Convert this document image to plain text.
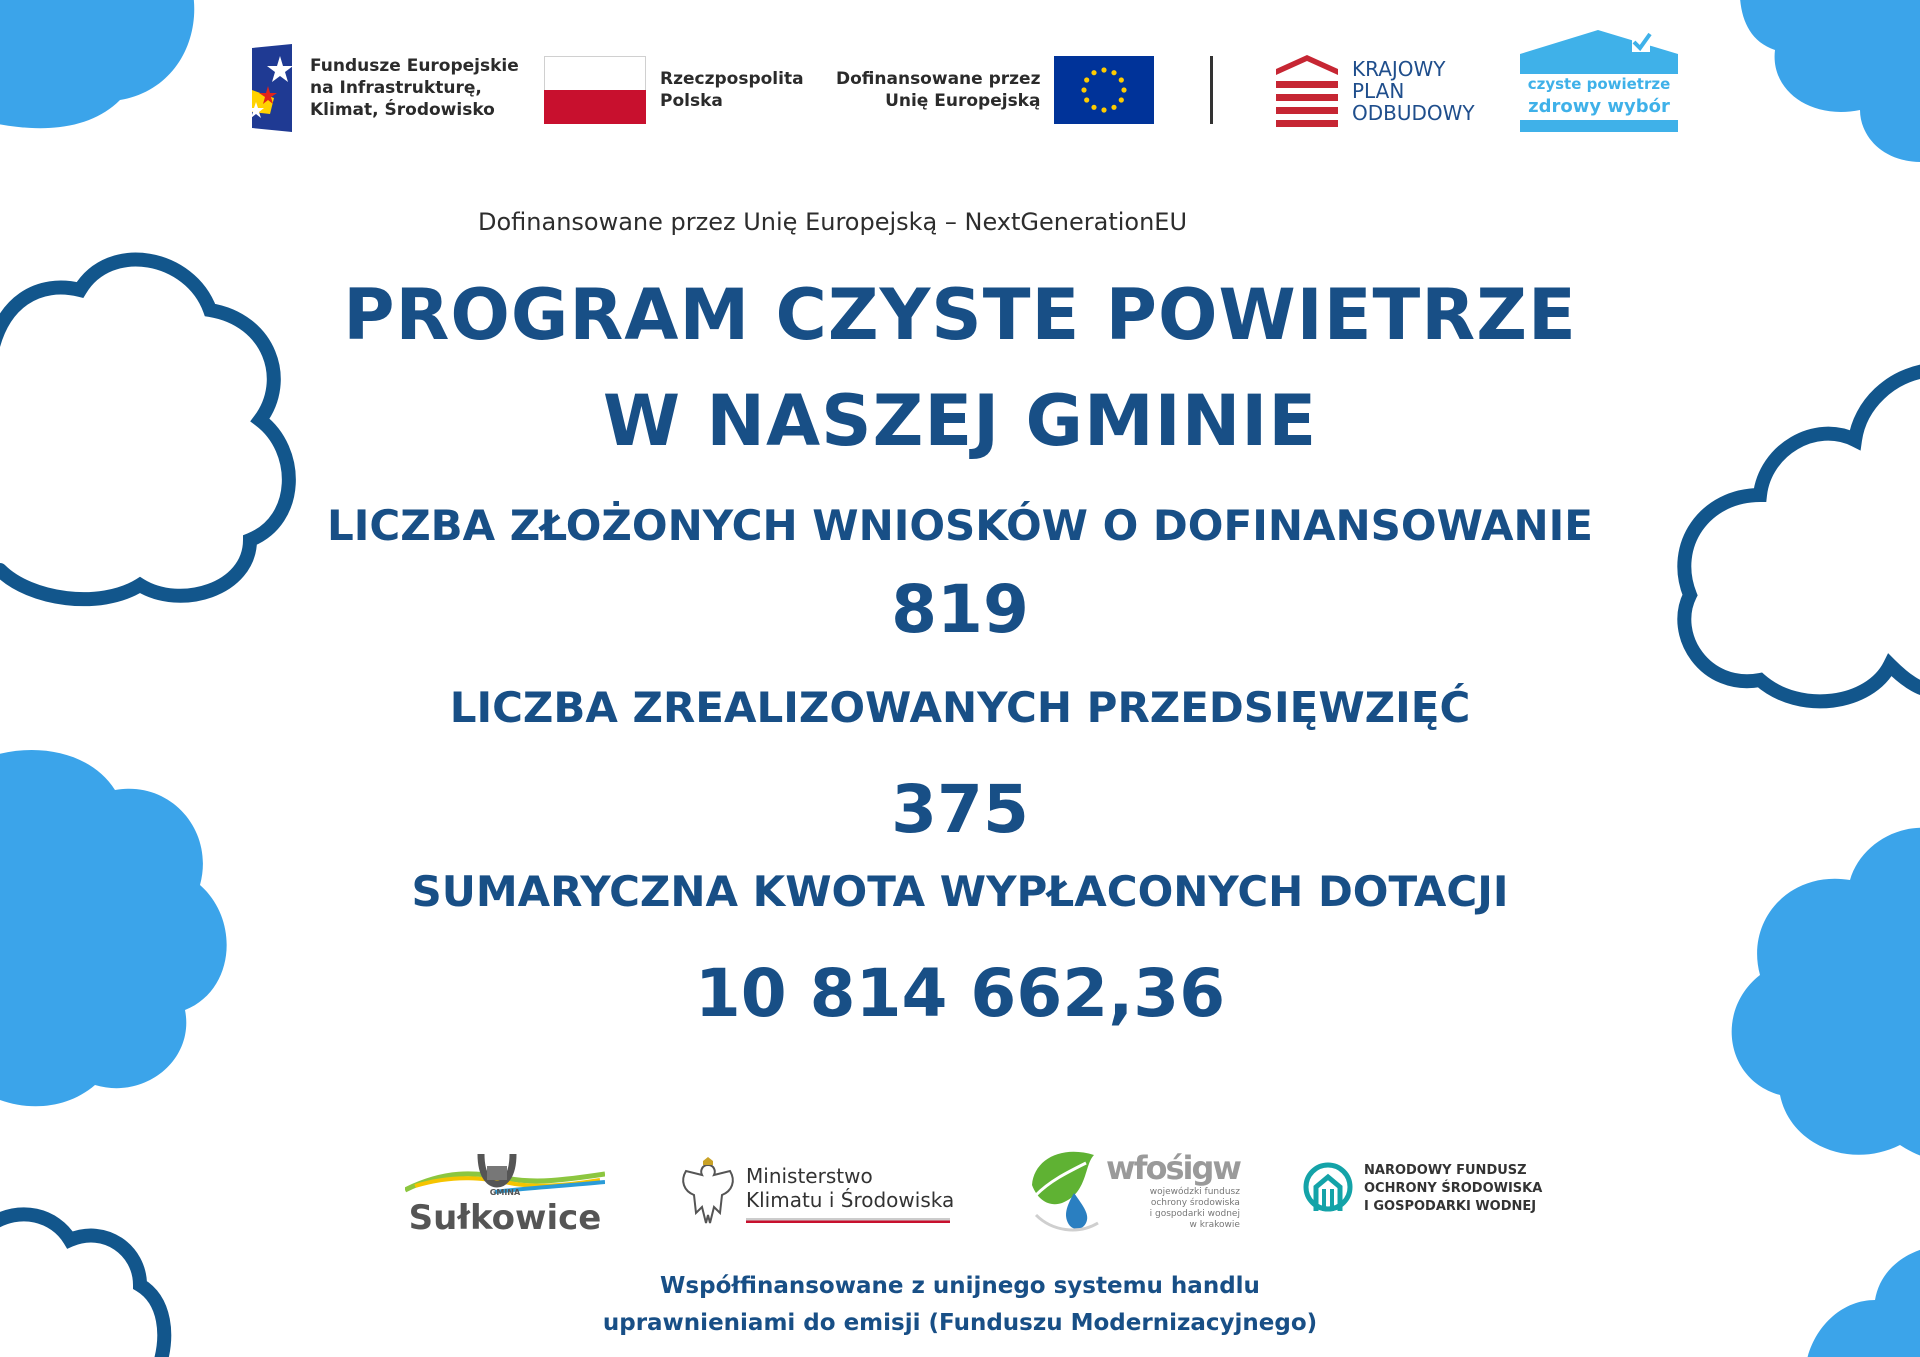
Fundusze Europejskie
na Infrastrukturę,
Klimat, Środowisko
Rzeczpospolita
Polska
Dofinansowane przez
Unię Europejską
KRAJOWY
PLAN
ODBUDOWY
czyste powietrze
zdrowy wybór
Dofinansowane przez Unię Europejską – NextGenerationEU
PROGRAM CZYSTE POWIETRZE
W NASZEJ GMINIE
LICZBA ZŁOŻONYCH WNIOSKÓW O DOFINANSOWANIE
819
LICZBA ZREALIZOWANYCH PRZEDSIĘWZIĘĆ
375
SUMARYCZNA KWOTA WYPŁACONYCH DOTACJI
10 814 662,36
GMINA
Sułkowice
Ministerstwo
Klimatu i Środowiska
wfośigw
wojewódzki fundusz
ochrony środowiska
i gospodarki wodnej
w krakowie
NARODOWY FUNDUSZ
OCHRONY ŚRODOWISKA
I GOSPODARKI WODNEJ
Współfinansowane z unijnego systemu handlu
uprawnieniami do emisji (Funduszu Modernizacyjnego)
